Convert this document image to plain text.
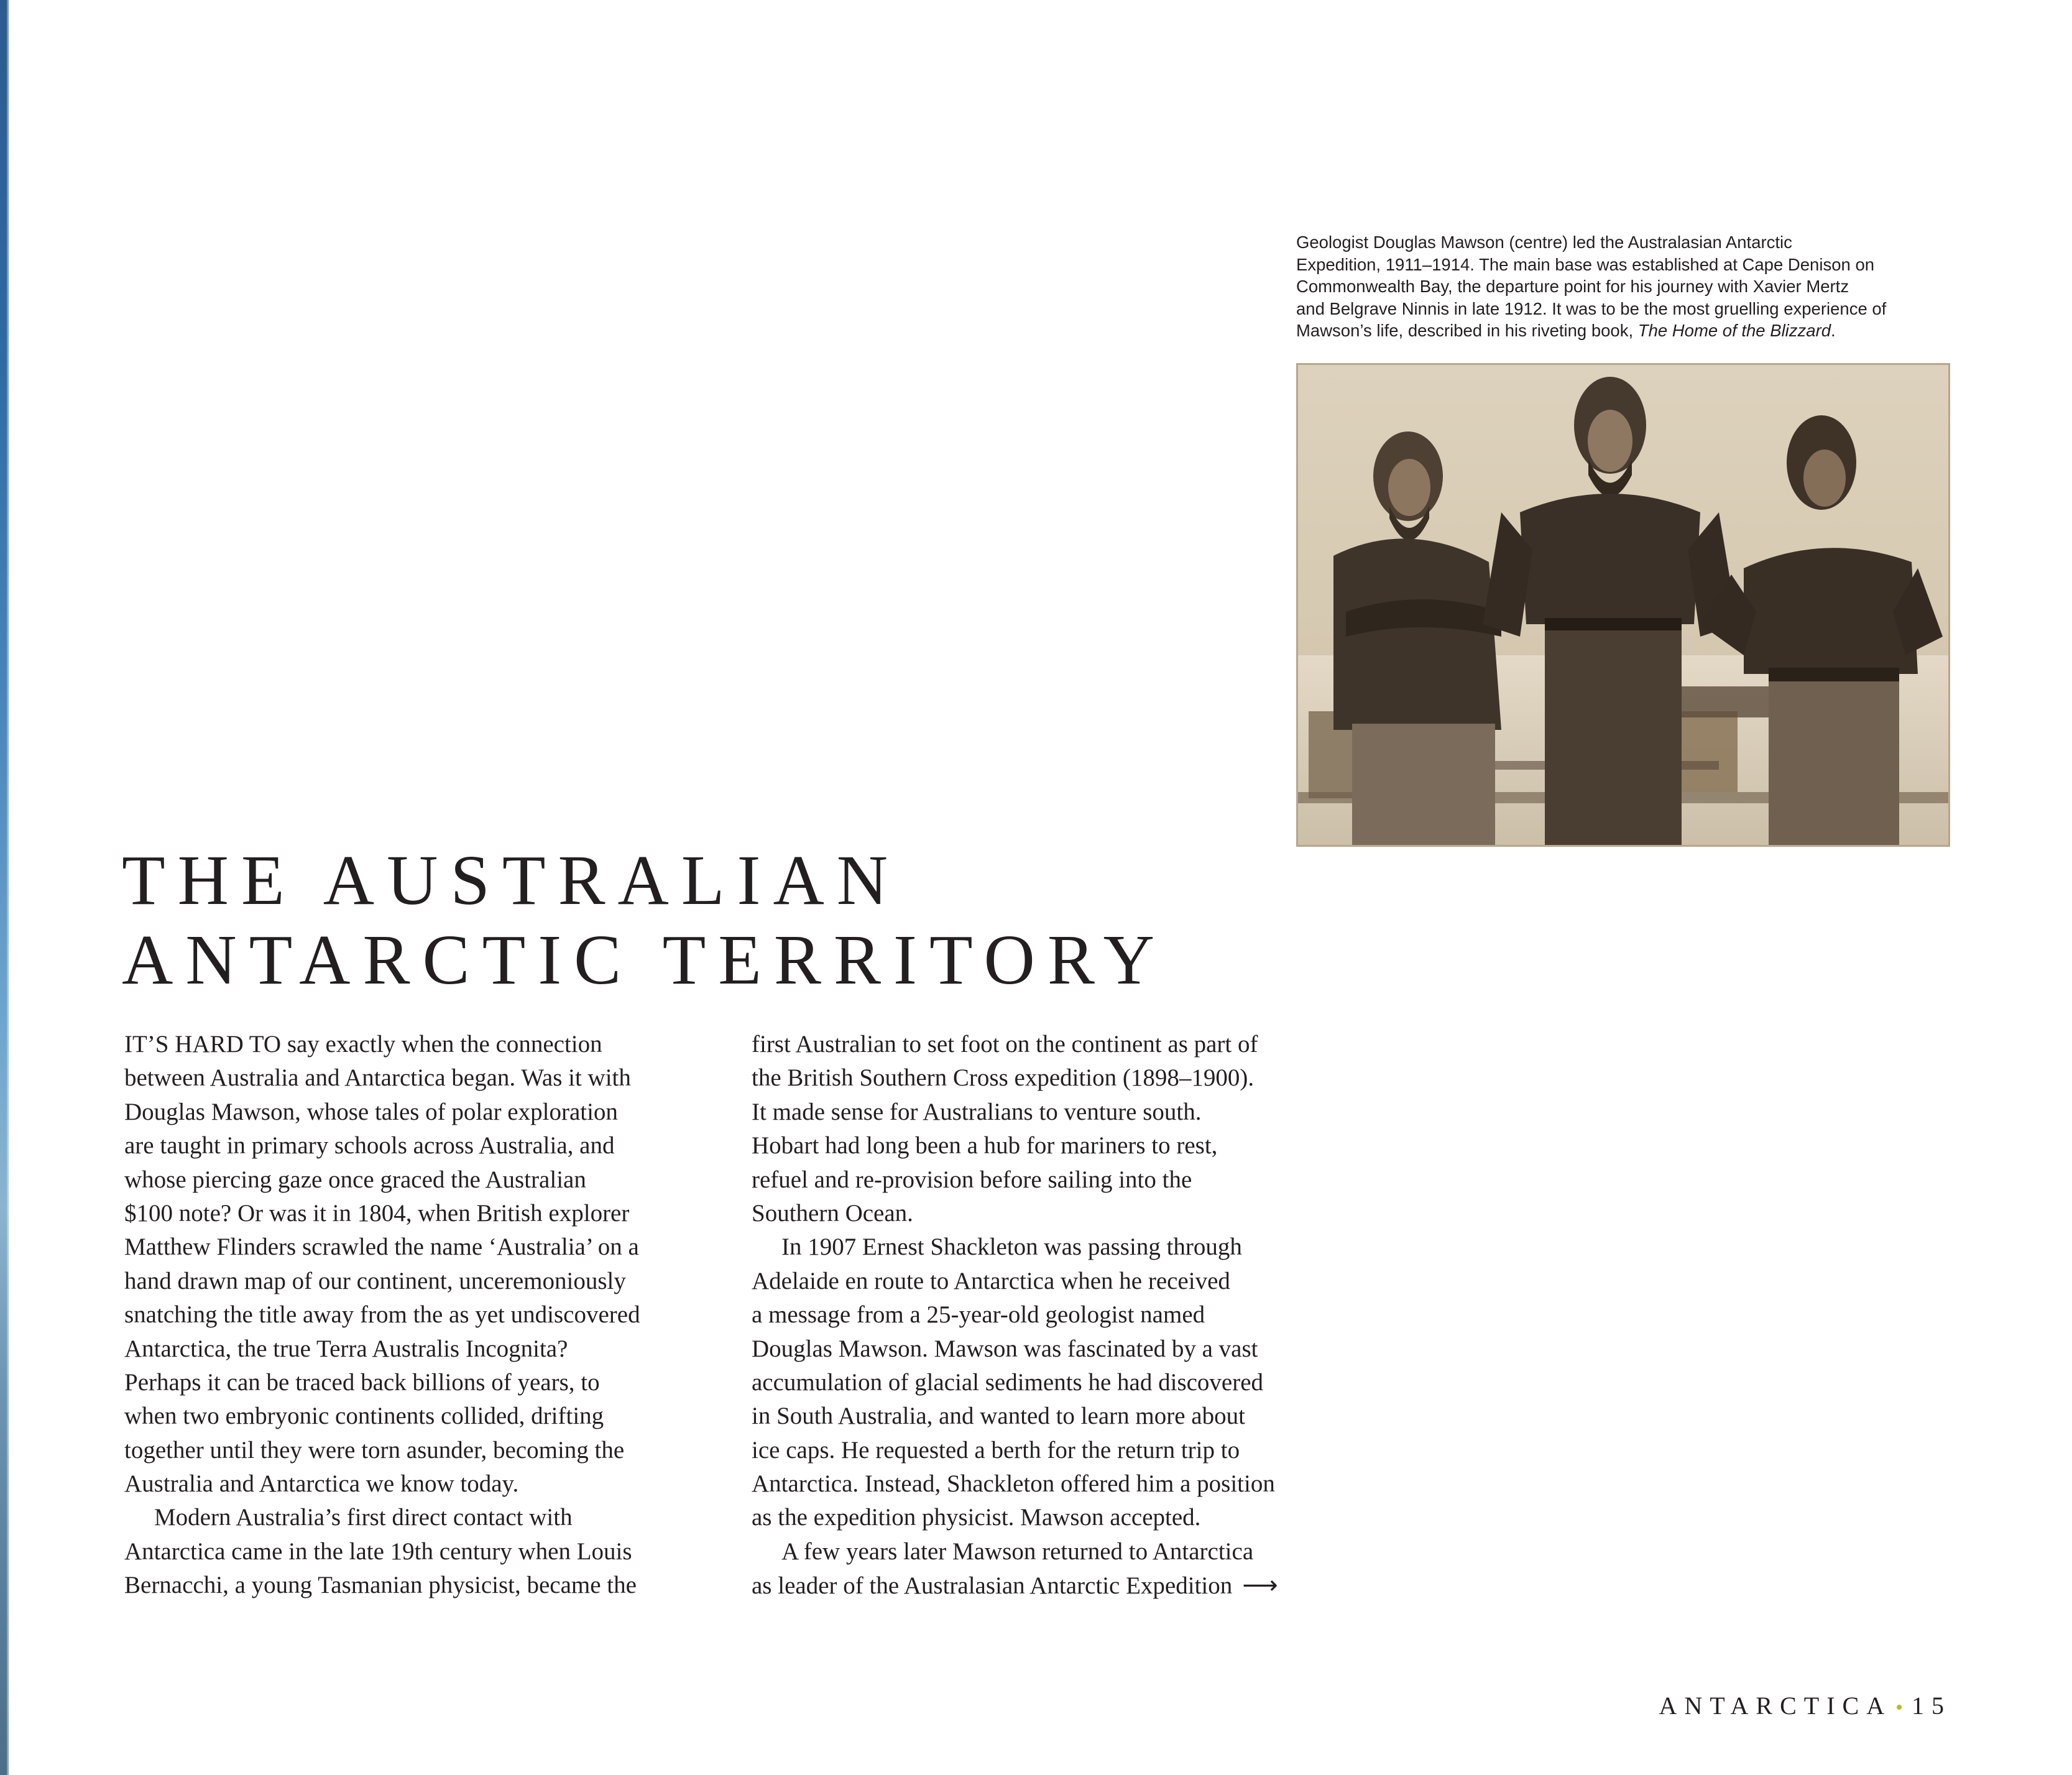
Geologist Douglas Mawson (centre) led the Australasian Antarctic
Expedition, 1911–1914. The main base was established at Cape Denison on
Commonwealth Bay, the departure point for his journey with Xavier Mertz
and Belgrave Ninnis in late 1912. It was to be the most gruelling experience of
Mawson’s life, described in his riveting book, The Home of the Blizzard.
THE AUSTRALIAN
ANTARCTIC TERRITORY
IT’S HARD TO say exactly when the connection
between Australia and Antarctica began. Was it with
Douglas Mawson, whose tales of polar exploration
are taught in primary schools across Australia, and
whose piercing gaze once graced the Australian
$100 note? Or was it in 1804, when British explorer
Matthew Flinders scrawled the name ‘Australia’ on a
hand drawn map of our continent, unceremoniously
snatching the title away from the as yet undiscovered
Antarctica, the true Terra Australis Incognita?
Perhaps it can be traced back billions of years, to
when two embryonic continents collided, drifting
together until they were torn asunder, becoming the
Australia and Antarctica we know today.
Modern Australia’s first direct contact with
Antarctica came in the late 19th century when Louis
Bernacchi, a young Tasmanian physicist, became the
first Australian to set foot on the continent as part of
the British Southern Cross expedition (1898–1900).
It made sense for Australians to venture south.
Hobart had long been a hub for mariners to rest,
refuel and re-provision before sailing into the
Southern Ocean.
In 1907 Ernest Shackleton was passing through
Adelaide en route to Antarctica when he received
a message from a 25-year-old geologist named
Douglas Mawson. Mawson was fascinated by a vast
accumulation of glacial sediments he had discovered
in South Australia, and wanted to learn more about
ice caps. He requested a berth for the return trip to
Antarctica. Instead, Shackleton offered him a position
as the expedition physicist. Mawson accepted.
A few years later Mawson returned to Antarctica
as leader of the Australasian Antarctic Expedition ⟶
ANTARCTICA • 15
